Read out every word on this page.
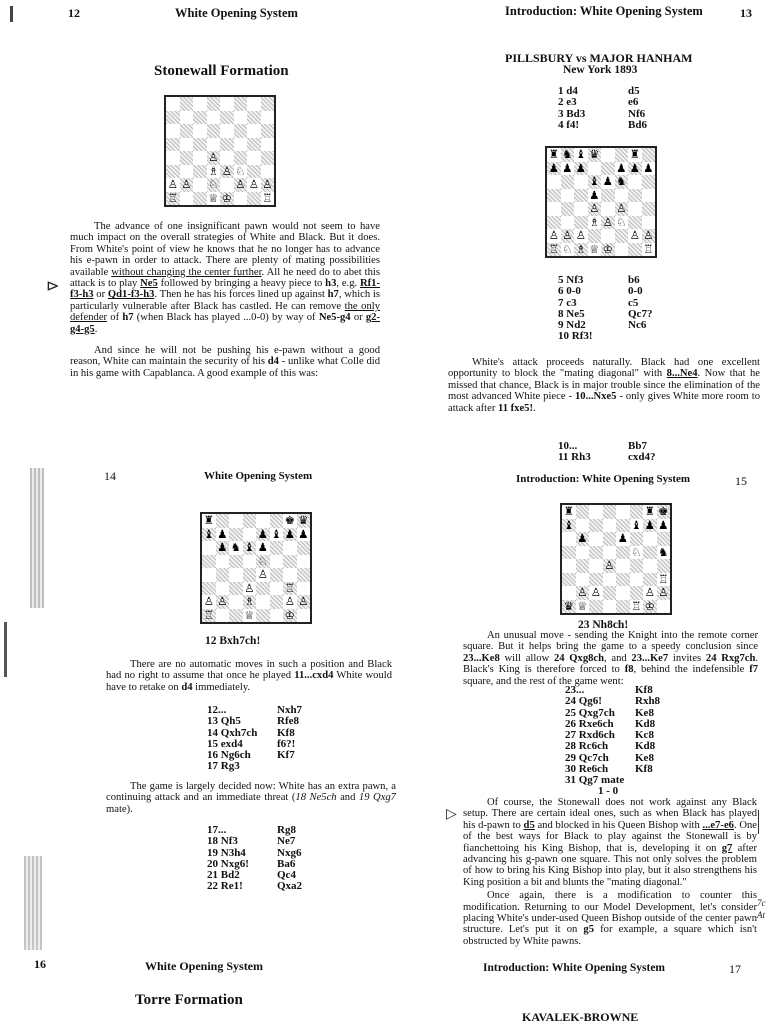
12	White Opening System
Stonewall Formation
♙
♗ ♙ ♘
♙ ♙ ♘ ♙ ♙ ♙
♖	♕ ♔	♖

The advance of one insignificant pawn would not seem to have much impact on the overall strategies of White and Black. But it does. From White's point of view he knows that he no longer has to advance his e-pawn in order to attack. There are plenty of mating possibilities available without changing the center further. All he need do to abet this attack is to play Ne5 followed by bringing a heavy piece to h3, e.g. Rf1-f3-h3 or Qd1-f3-h3. Then he has his forces lined up against h7, which is particularly vulnerable after Black has castled. He can remove the only defender of h7 (when Black has played ...0-0) by way of Ne5-g4 or g2-g4-g5.

And since he will not be pushing his e-pawn without a good reason, White can maintain the security of his d4 - unlike what Colle did in his game with Capablanca. A good example of this was:

⊳
Introduction: White Opening System	13
PILLSBURY vs MAJOR HANHAM
New York 1893
1 d4	d5
2 e3	e6
3 Bd3	Nf6
4 f4!	Bd6
♜ ♞ ♝ ♛	♜
♟ ♟ ♟	♟ ♟ ♟
♝ ♟ ♞
♟
♙ ♙
♗ ♙ ♘
♙ ♙ ♙	♙ ♙
♖ ♘ ♗ ♕ ♔	♖
5 Nf3	b6
6 0-0	0-0
7 c3	c5
8 Ne5	Qc7?
9 Nd2	Nc6
10 Rf3!

White's attack proceeds naturally. Black had one excellent opportunity to block the "mating diagonal" with 8...Ne4. Now that he missed that chance, Black is in major trouble since the elimination of the most advanced White piece - 10...Nxe5 - only gives White more room to attack after 11 fxe5!.

10...	Bb7
11 Rh3	cxd4?
14	White Opening System
♜	♚ ♛
♝ ♟	♟ ♝ ♟ ♟
♟ ♞ ♝ ♟
♘
♙
♙	♖
♙ ♙ ♗	♙ ♙
♖	♕	♔
12 Bxh7ch!

There are no automatic moves in such a position and Black had no right to assume that once he played 11...cxd4 White would have to retake on d4 immediately.

12...	Nxh7
13 Qh5	Rfe8
14 Qxh7ch	Kf8
15 exd4	f6?!
16 Ng6ch	Kf7
17 Rg3

The game is largely decided now: White has an extra pawn, a continuing attack and an immediate threat (18 Ne5ch and 19 Qxg7 mate).

17...	Rg8
18 Nf3	Ne7
19 N3h4	Nxg6
20 Nxg6!	Ba6
21 Bd2	Qc4
22 Re1!	Qxa2
Introduction: White Opening System	15
♜	♜ ♚
♝	♝ ♟ ♟
♟	♟
♘ ♞
♙
♖
♙ ♙	♙ ♙
♛ ♕	♖ ♔
23 Nh8ch!

An unusual move - sending the Knight into the remote corner square. But it helps bring the game to a speedy conclusion since 23...Ke8 will allow 24 Qxg8ch, and 23...Ke7 invites 24 Rxg7ch. Black's King is therefore forced to f8, behind the indefensible f7 square, and the rest of the game went:

23...	Kf8
24 Qg6!	Rxh8
25 Qxg7ch	Ke8
26 Rxe6ch	Kd8
27 Rxd6ch	Kc8
28 Rc6ch	Kd8
29 Qc7ch	Ke8
30 Re6ch	Kf8
31 Qg7 mate
1 - 0
▷

Of course, the Stonewall does not work against any Black setup. There are certain ideal ones, such as when Black has played his d-pawn to d5 and blocked in his Queen Bishop with ...e7-e6. One of the best ways for Black to play against the Stonewall is by fianchettoing his King Bishop, that is, developing it on g7 after advancing his g-pawn one square. This not only solves the problem of how to bring his King Bishop into play, but it also strengthens his King position a bit and blunts the "mating diagonal."

Once again, there is a modification to counter this modification. Returning to our Model Development, let's consider placing White's under-used Queen Bishop outside of the center pawn structure. Let's put it on g5 for example, a square which isn't obstructed by White pawns.

7c
At
16	White Opening System
Torre Formation
Introduction: White Opening System	17
KAVALEK-BROWNE
